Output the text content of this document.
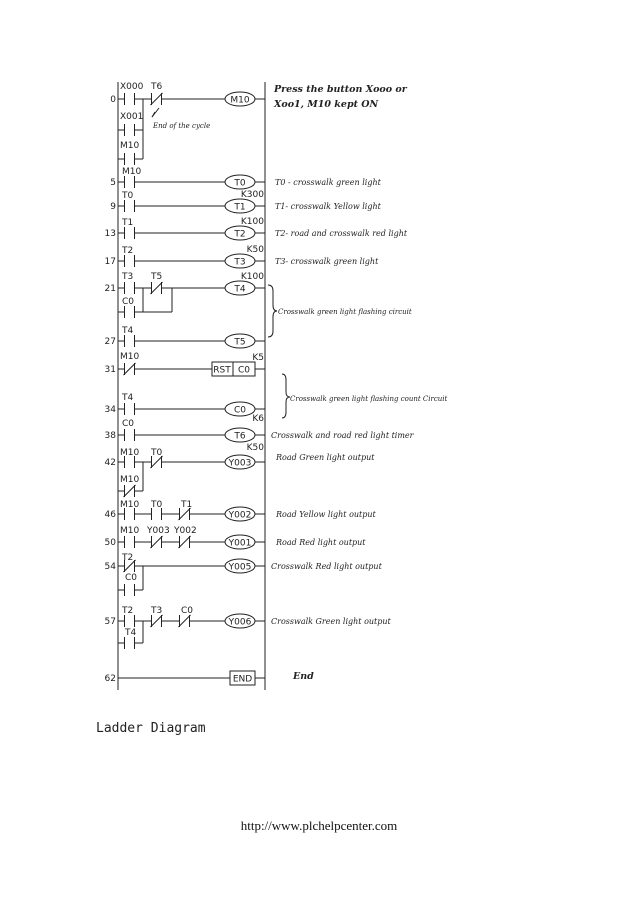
0
X000 T6
X001
M10
M10
Press the button Xooo or
Xoo1, M10 kept ON
5
M10
T0	T0 - crosswalk green light
9
T0
T1
K300
T1- crosswalk Yellow light
13
T1
T2
K100
T2- road and crosswalk red light
17
T2
T3
K50
T3- crosswalk green light
21
T3 T5
C0
T4
K100
27
T4
T5
31
M10
RST C0
K5
34
T4
C0
K6
38
C0
T6	Crosswalk and road red light timer
42
M10 T0
M10
Y003
K50
Road Green light output
46
M10 T0 T1
Y002	Road Yellow light output
50
M10 Y003 Y002
Y001	Road Red light output
54
T2
C0
Y005 Crosswalk Red light output
57
T2 T3 C0
T4
Y006 Crosswalk Green light output
62	END	End
End of the cycle
Crosswalk green light flashing circuit
Crosswalk green light flashing count Circuit
Ladder Diagram
http://www.plchelpcenter.com
